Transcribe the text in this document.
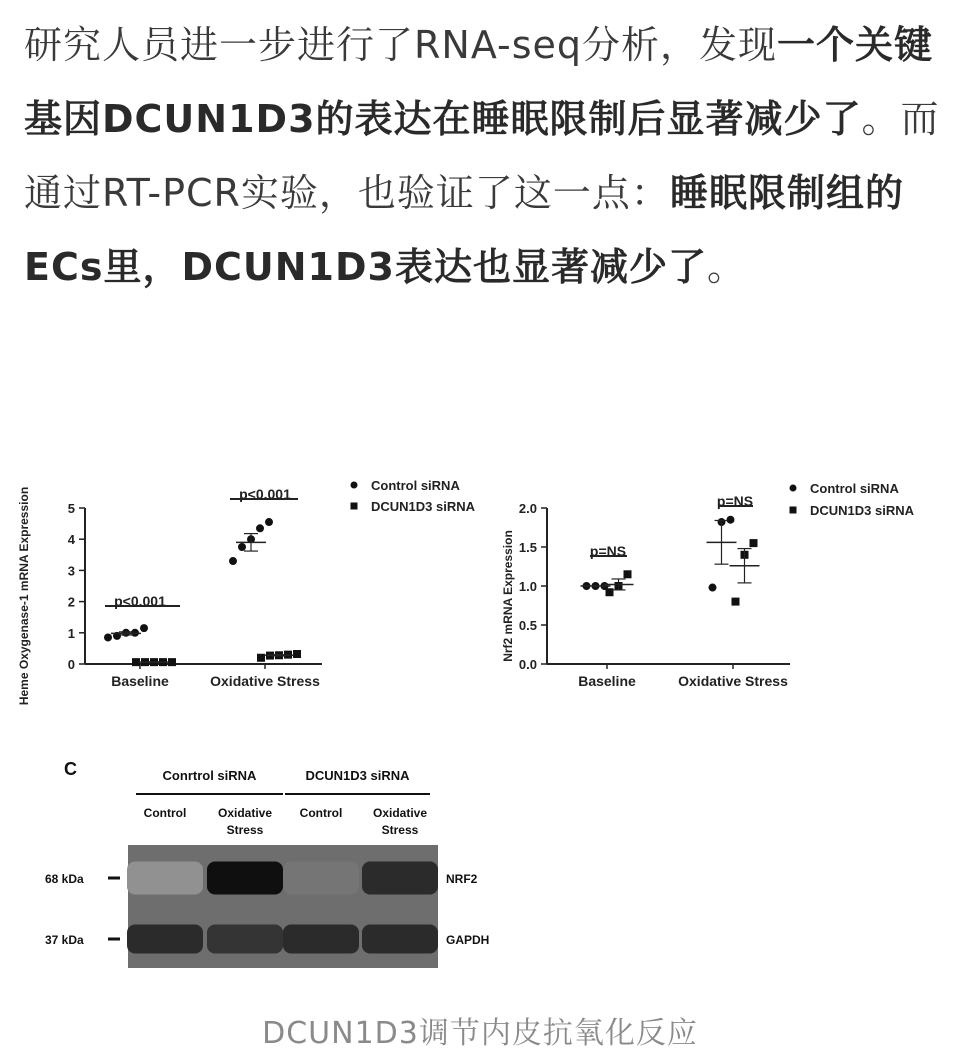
研究人员进一步进行了RNA-seq分析，发现一个关键基因DCUN1D3的表达在睡眠限制后显著减少了。而通过RT-PCR实验，也验证了这一点：睡眠限制组的ECs里，DCUN1D3表达也显著减少了。

0
1
2
3
4
5
Heme Oxygenase-1 mRNA Expression	Baseline	Oxidative Stress
p<0.001
p<0.001
Control siRNA
DCUN1D3 siRNA
0.0
0.5
1.0
1.5
2.0
Nrf2 mRNA Expression
Baseline	Oxidative Stress
p=NS
p=NS
Control siRNA
DCUN1D3 siRNA
C	Conrtrol siRNA	DCUN1D3 siRNA
Control	Oxidative
Stress
Control	Oxidative
Stress
68 kDa	NRF2
37 kDa	GAPDH
DCUN1D3调节内皮抗氧化反应
